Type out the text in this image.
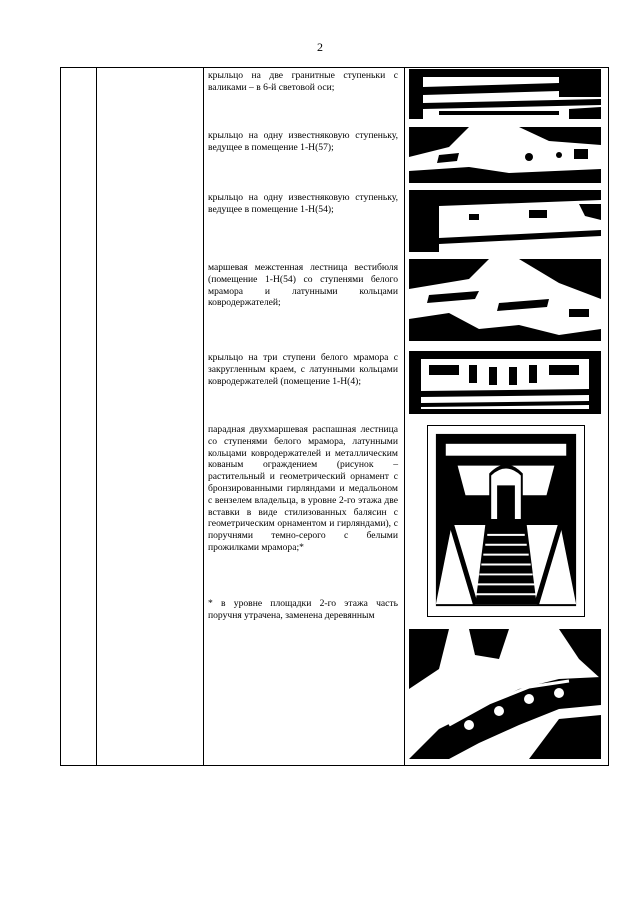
2
крыльцо на две гранитные ступеньки с валиками – в 6-й световой оси;
крыльцо на одну известняковую ступеньку, ведущее в помещение 1-Н(57);
крыльцо на одну известняковую ступеньку, ведущее в помещение 1-Н(54);
маршевая межстенная лестница вестибюля (помещение 1-Н(54) со ступенями белого мрамора и латунными кольцами ковродержателей;
крыльцо на три ступени белого мрамора с закругленным краем, с латунными кольцами ковродержателей (помещение 1-Н(4);
парадная двухмаршевая распашная лестница со ступенями белого мрамора, латунными кольцами ковродержателей и металлическим кованым ограждением (рисунок – растительный и геометрический орнамент с бронзированными гирляндами и медальоном с вензелем владельца, в уровне 2-го этажа две вставки в виде стилизованных балясин с геометрическим орнаментом и гирляндами), с поручнями темно-серого с белыми прожилками мрамора;*
* в уровне площадки 2-го этажа часть поручня утрачена, заменена деревянным
